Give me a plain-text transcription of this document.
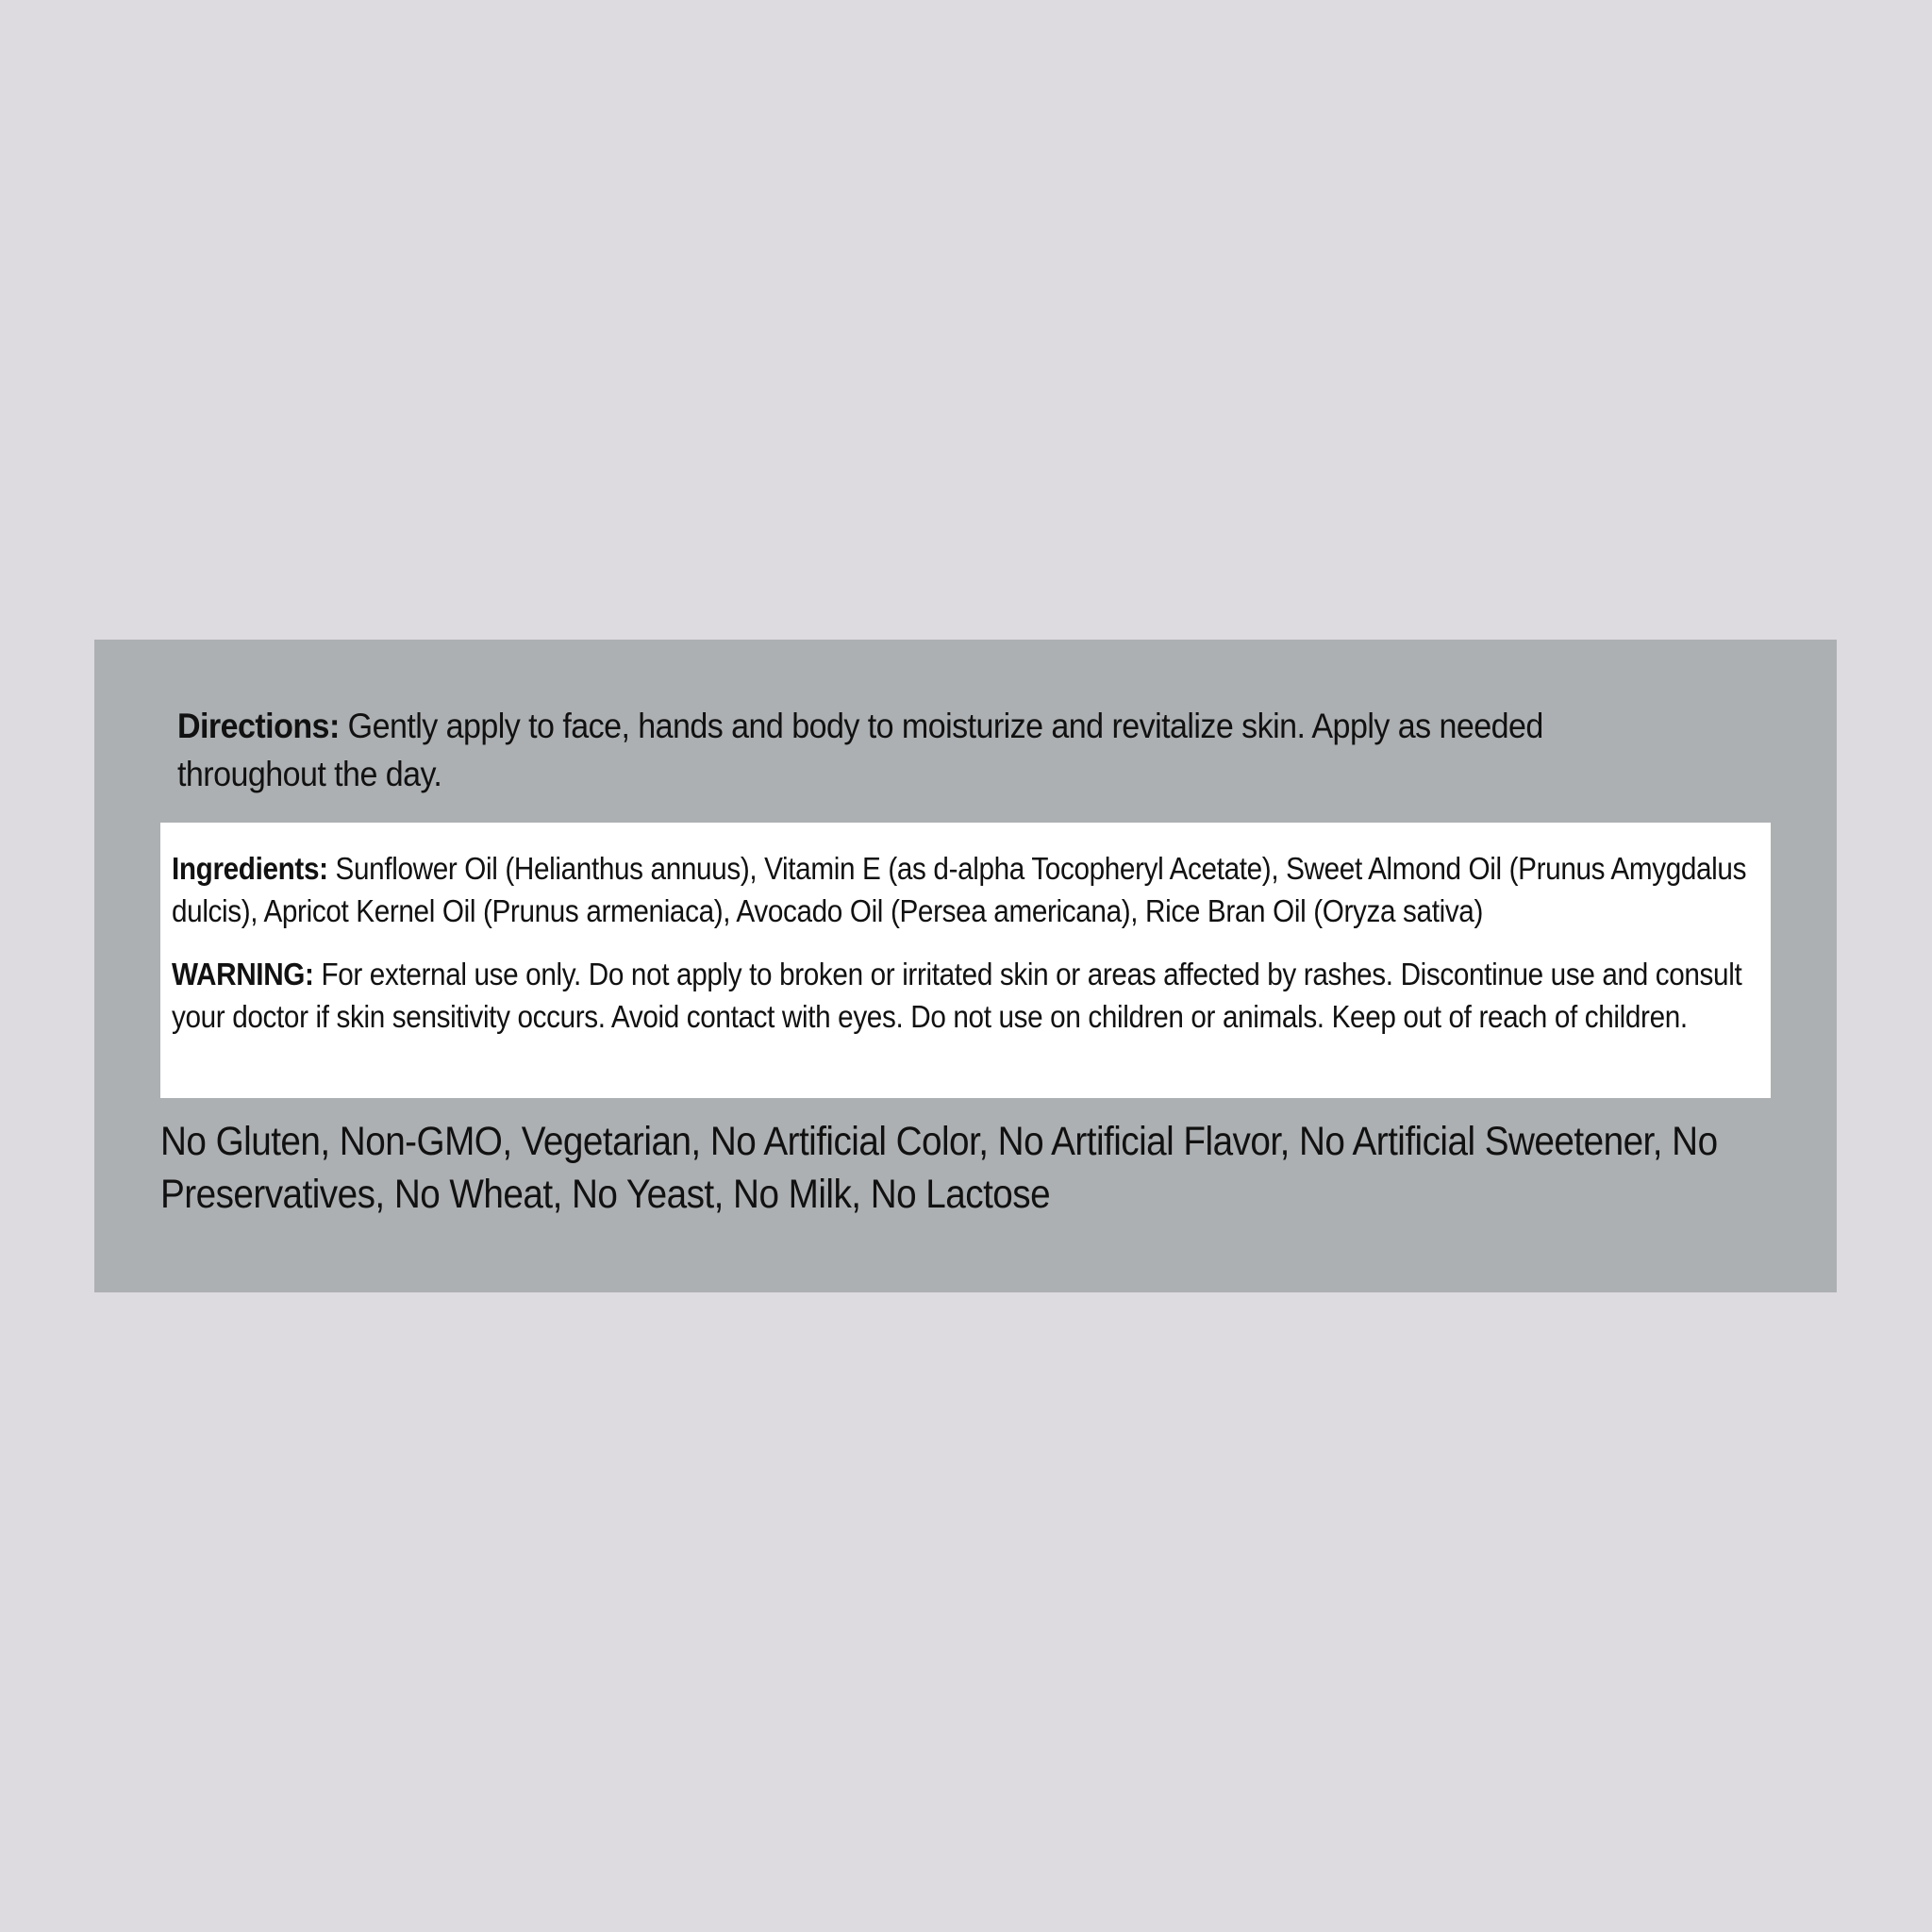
Directions: Gently apply to face, hands and body to moisturize and revitalize skin. Apply as needed throughout the day.

Ingredients: Sunflower Oil (Helianthus annuus), Vitamin E (as d-alpha Tocopheryl Acetate), Sweet Almond Oil (Prunus Amygdalus dulcis), Apricot Kernel Oil (Prunus armeniaca), Avocado Oil (Persea americana), Rice Bran Oil (Oryza sativa)

WARNING: For external use only. Do not apply to broken or irritated skin or areas affected by rashes. Discontinue use and consult your doctor if skin sensitivity occurs. Avoid contact with eyes. Do not use on children or animals. Keep out of reach of children.

No Gluten, Non-GMO, Vegetarian, No Artificial Color, No Artificial Flavor, No Artificial Sweetener, No Preservatives, No Wheat, No Yeast, No Milk, No Lactose
